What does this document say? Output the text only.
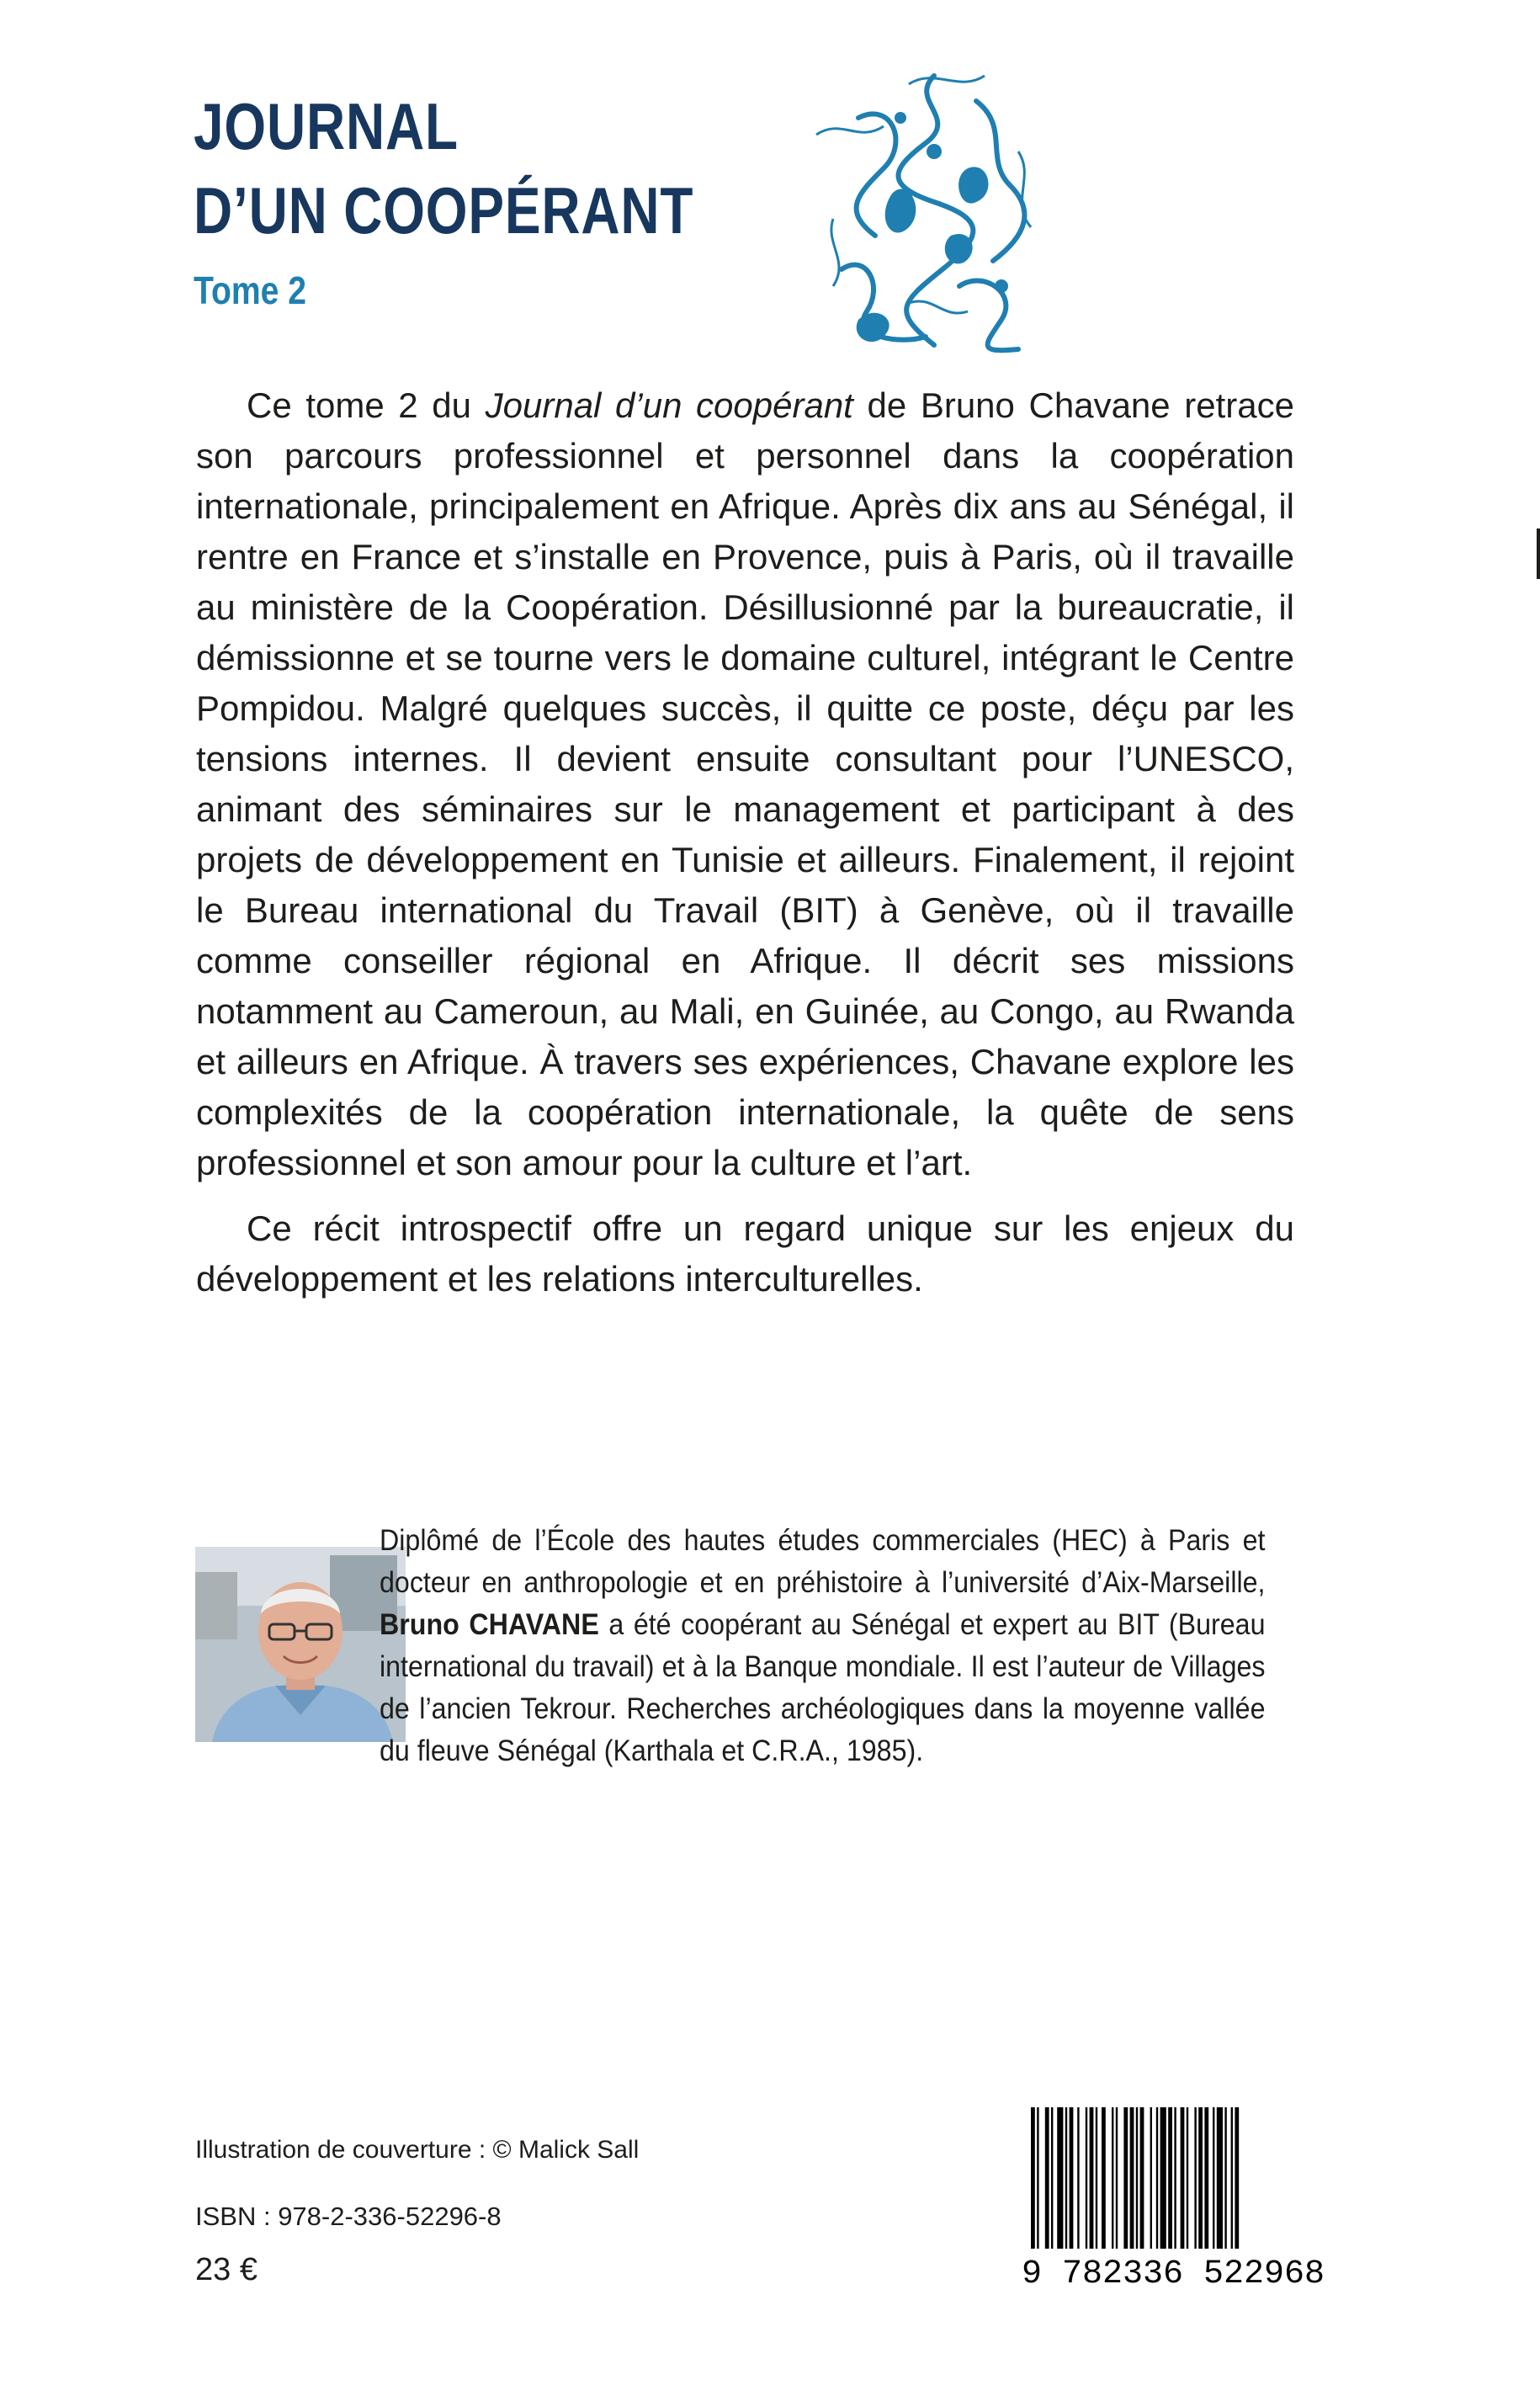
JOURNAL
D’UN COOPÉRANT
Tome 2

Ce tome 2 du Journal d’un coopérant de Bruno Chavane retrace son parcours professionnel et personnel dans la coopération internationale, principalement en Afrique. Après dix ans au Sénégal, il rentre en France et s’installe en Provence, puis à Paris, où il travaille au ministère de la Coopération. Désillusionné par la bureaucratie, il démissionne et se tourne vers le domaine culturel, intégrant le Centre Pompidou. Malgré quelques succès, il quitte ce poste, déçu par les tensions internes. Il devient ensuite consultant pour l’UNESCO, animant des séminaires sur le management et participant à des projets de développement en Tunisie et ailleurs. Finalement, il rejoint le Bureau international du Travail (BIT) à Genève, où il travaille comme conseiller régional en Afrique. Il décrit ses missions notamment au Cameroun, au Mali, en Guinée, au Congo, au Rwanda et ailleurs en Afrique. À travers ses expériences, Chavane explore les complexités de la coopération internationale, la quête de sens professionnel et son amour pour la culture et l’art.

Ce récit introspectif offre un regard unique sur les enjeux du développement et les relations interculturelles.

Diplômé de l’École des hautes études commerciales (HEC) à Paris et docteur en anthropologie et en préhistoire à l’université d’Aix-Marseille, Bruno CHAVANE a été coopérant au Sénégal et expert au BIT (Bureau international du travail) et à la Banque mondiale. Il est l’auteur de Villages de l’ancien Tekrour. Recherches archéologiques dans la moyenne vallée du fleuve Sénégal (Karthala et C.R.A., 1985).
Illustration de couverture : © Malick Sall
ISBN : 978-2-336-52296-8
23 €	9 782336 522968
